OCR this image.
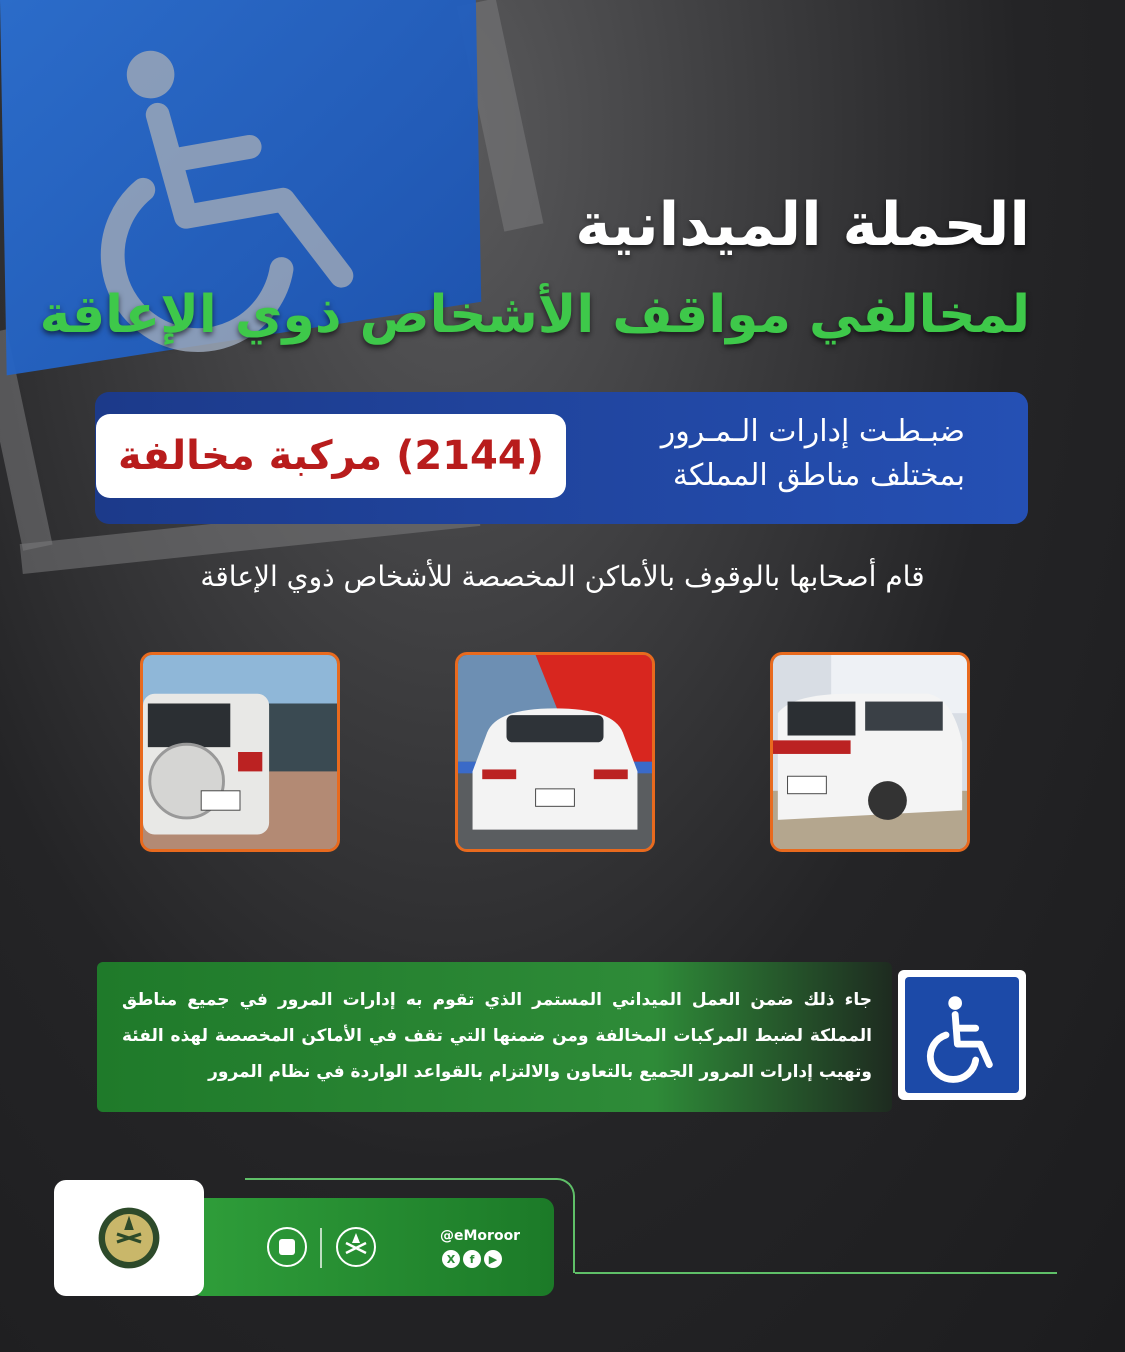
الحملة الميدانية
لمخالفي مواقف الأشخاص ذوي الإعاقة
ضبـطـت إدارات الـمـرور
بمختلف مناطق المملكة
(2144) مركبة مخالفة
قام أصحابها بالوقوف بالأماكن المخصصة للأشخاص ذوي الإعاقة
جاء ذلك ضمن العمل الميداني المستمر الذي تقوم به إدارات المرور في جميع مناطق المملكة لضبط المركبات المخالفة ومن ضمنها التي تقف في الأماكن المخصصة لهذه الفئة وتهيب إدارات المرور الجميع بالتعاون والالتزام بالقواعد الواردة في نظام المرور
@eMoroor
X	f	▶
